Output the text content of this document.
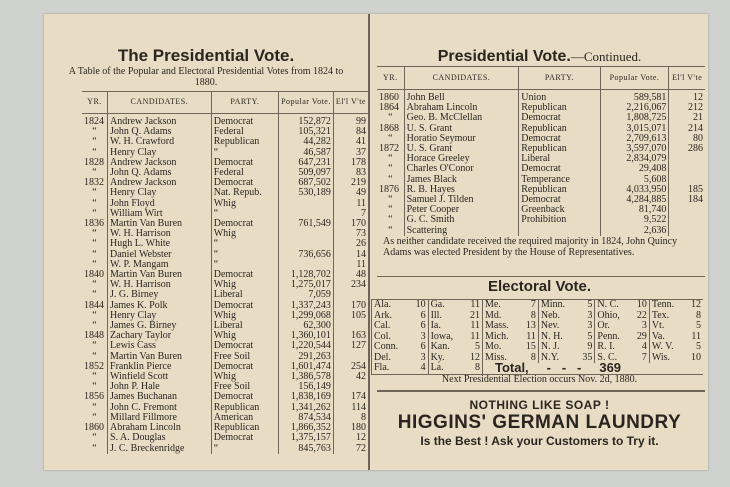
The Presidential Vote.

A Table of the Popular and Electoral Presidential Votes from 1824 to 1880.
YR.	CANDIDATES.	PARTY.	Popular Vote.	El'l V'te
1824	Andrew Jackson	Democrat	152,872	99
“	John Q. Adams	Federal	105,321	84
“	W. H. Crawford	Republican	44,282	41
“	Henry Clay	“	46,587	37
1828	Andrew Jackson	Democrat	647,231	178
“	John Q. Adams	Federal	509,097	83
1832	Andrew Jackson	Democrat	687,502	219
“	Henry Clay	Nat. Repub.	530,189	49
“	John Floyd	Whig		11
“	William Wirt	“		7
1836	Martin Van Buren	Democrat	761,549	170
“	W. H. Harrison	Whig		73
“	Hugh L. White	“		26
“	Daniel Webster	“	736,656	14
“	W. P. Mangam	“		11
1840	Martin Van Buren	Democrat	1,128,702	48
“	W. H. Harrison	Whig	1,275,017	234
“	J. G. Birney	Liberal	7,059	
1844	James K. Polk	Democrat	1,337,243	170
“	Henry Clay	Whig	1,299,068	105
“	James G. Birney	Liberal	62,300	
1848	Zachary Taylor	Whig	1,360,101	163
“	Lewis Cass	Democrat	1,220,544	127
“	Martin Van Buren	Free Soil	291,263	
1852	Franklin Pierce	Democrat	1,601,474	254
“	Winfield Scott	Whig	1,386,578	42
“	John P. Hale	Free Soil	156,149	
1856	James Buchanan	Democrat	1,838,169	174
“	John C. Fremont	Republican	1,341,262	114
“	Millard Fillmore	American	874,534	8
1860	Abraham Lincoln	Republican	1,866,352	180
“	S. A. Douglas	Democrat	1,375,157	12
“	J. C. Breckenridge	“	845,763	72

Presidential Vote.—Continued.

YR.	CANDIDATES.	PARTY.	Popular Vote.	El'l V'te
1860	John Bell	Union	589,581	12
1864	Abraham Lincoln	Republican	2,216,067	212
“	Geo. B. McClellan	Democrat	1,808,725	21
1868	U. S. Grant	Republican	3,015,071	214
“	Horatio Seymour	Democrat	2,709,613	80
1872	U. S. Grant	Republican	3,597,070	286
“	Horace Greeley	Liberal	2,834,079	
“	Charles O'Conor	Democrat	29,408	
“	James Black	Temperance	5,608	
1876	R. B. Hayes	Republican	4,033,950	185
“	Samuel J. Tilden	Democrat	4,284,885	184
“	Peter Cooper	Greenback	81,740	
“	G. C. Smith	Prohibition	9,522	
“	Scattering		2,636	
As neither candidate received the required majority in 1824, John Quincy Adams was elected President by the House of Representatives.

Electoral Vote.

Ala.	10	Ga.	11	Me.	7	Minn.	5	N. C.	10	Tenn.	12
Ark.	6	Ill.	21	Md.	8	Neb.	3	Ohio,	22	Tex.	8
Cal.	6	Ia.	11	Mass.	13	Nev.	3	Or.	3	Vt.	5
Col.	3	Iowa,	11	Mich.	11	N. H.	5	Penn.	29	Va.	11
Conn.	6	Kan.	5	Mo.	15	N. J.	9	R. I.	4	W. V.	5
Del.	3	Ky.	12	Miss.	8	N.Y.	35	S. C.	7	Wis.	10
Fla.	4	La.	8	Total, -   -   - 369							
Next Presidential Election occurs Nov. 2d, 1880.
NOTHING LIKE SOAP !
HIGGINS' GERMAN LAUNDRY
Is the Best ! Ask your Customers to Try it.
